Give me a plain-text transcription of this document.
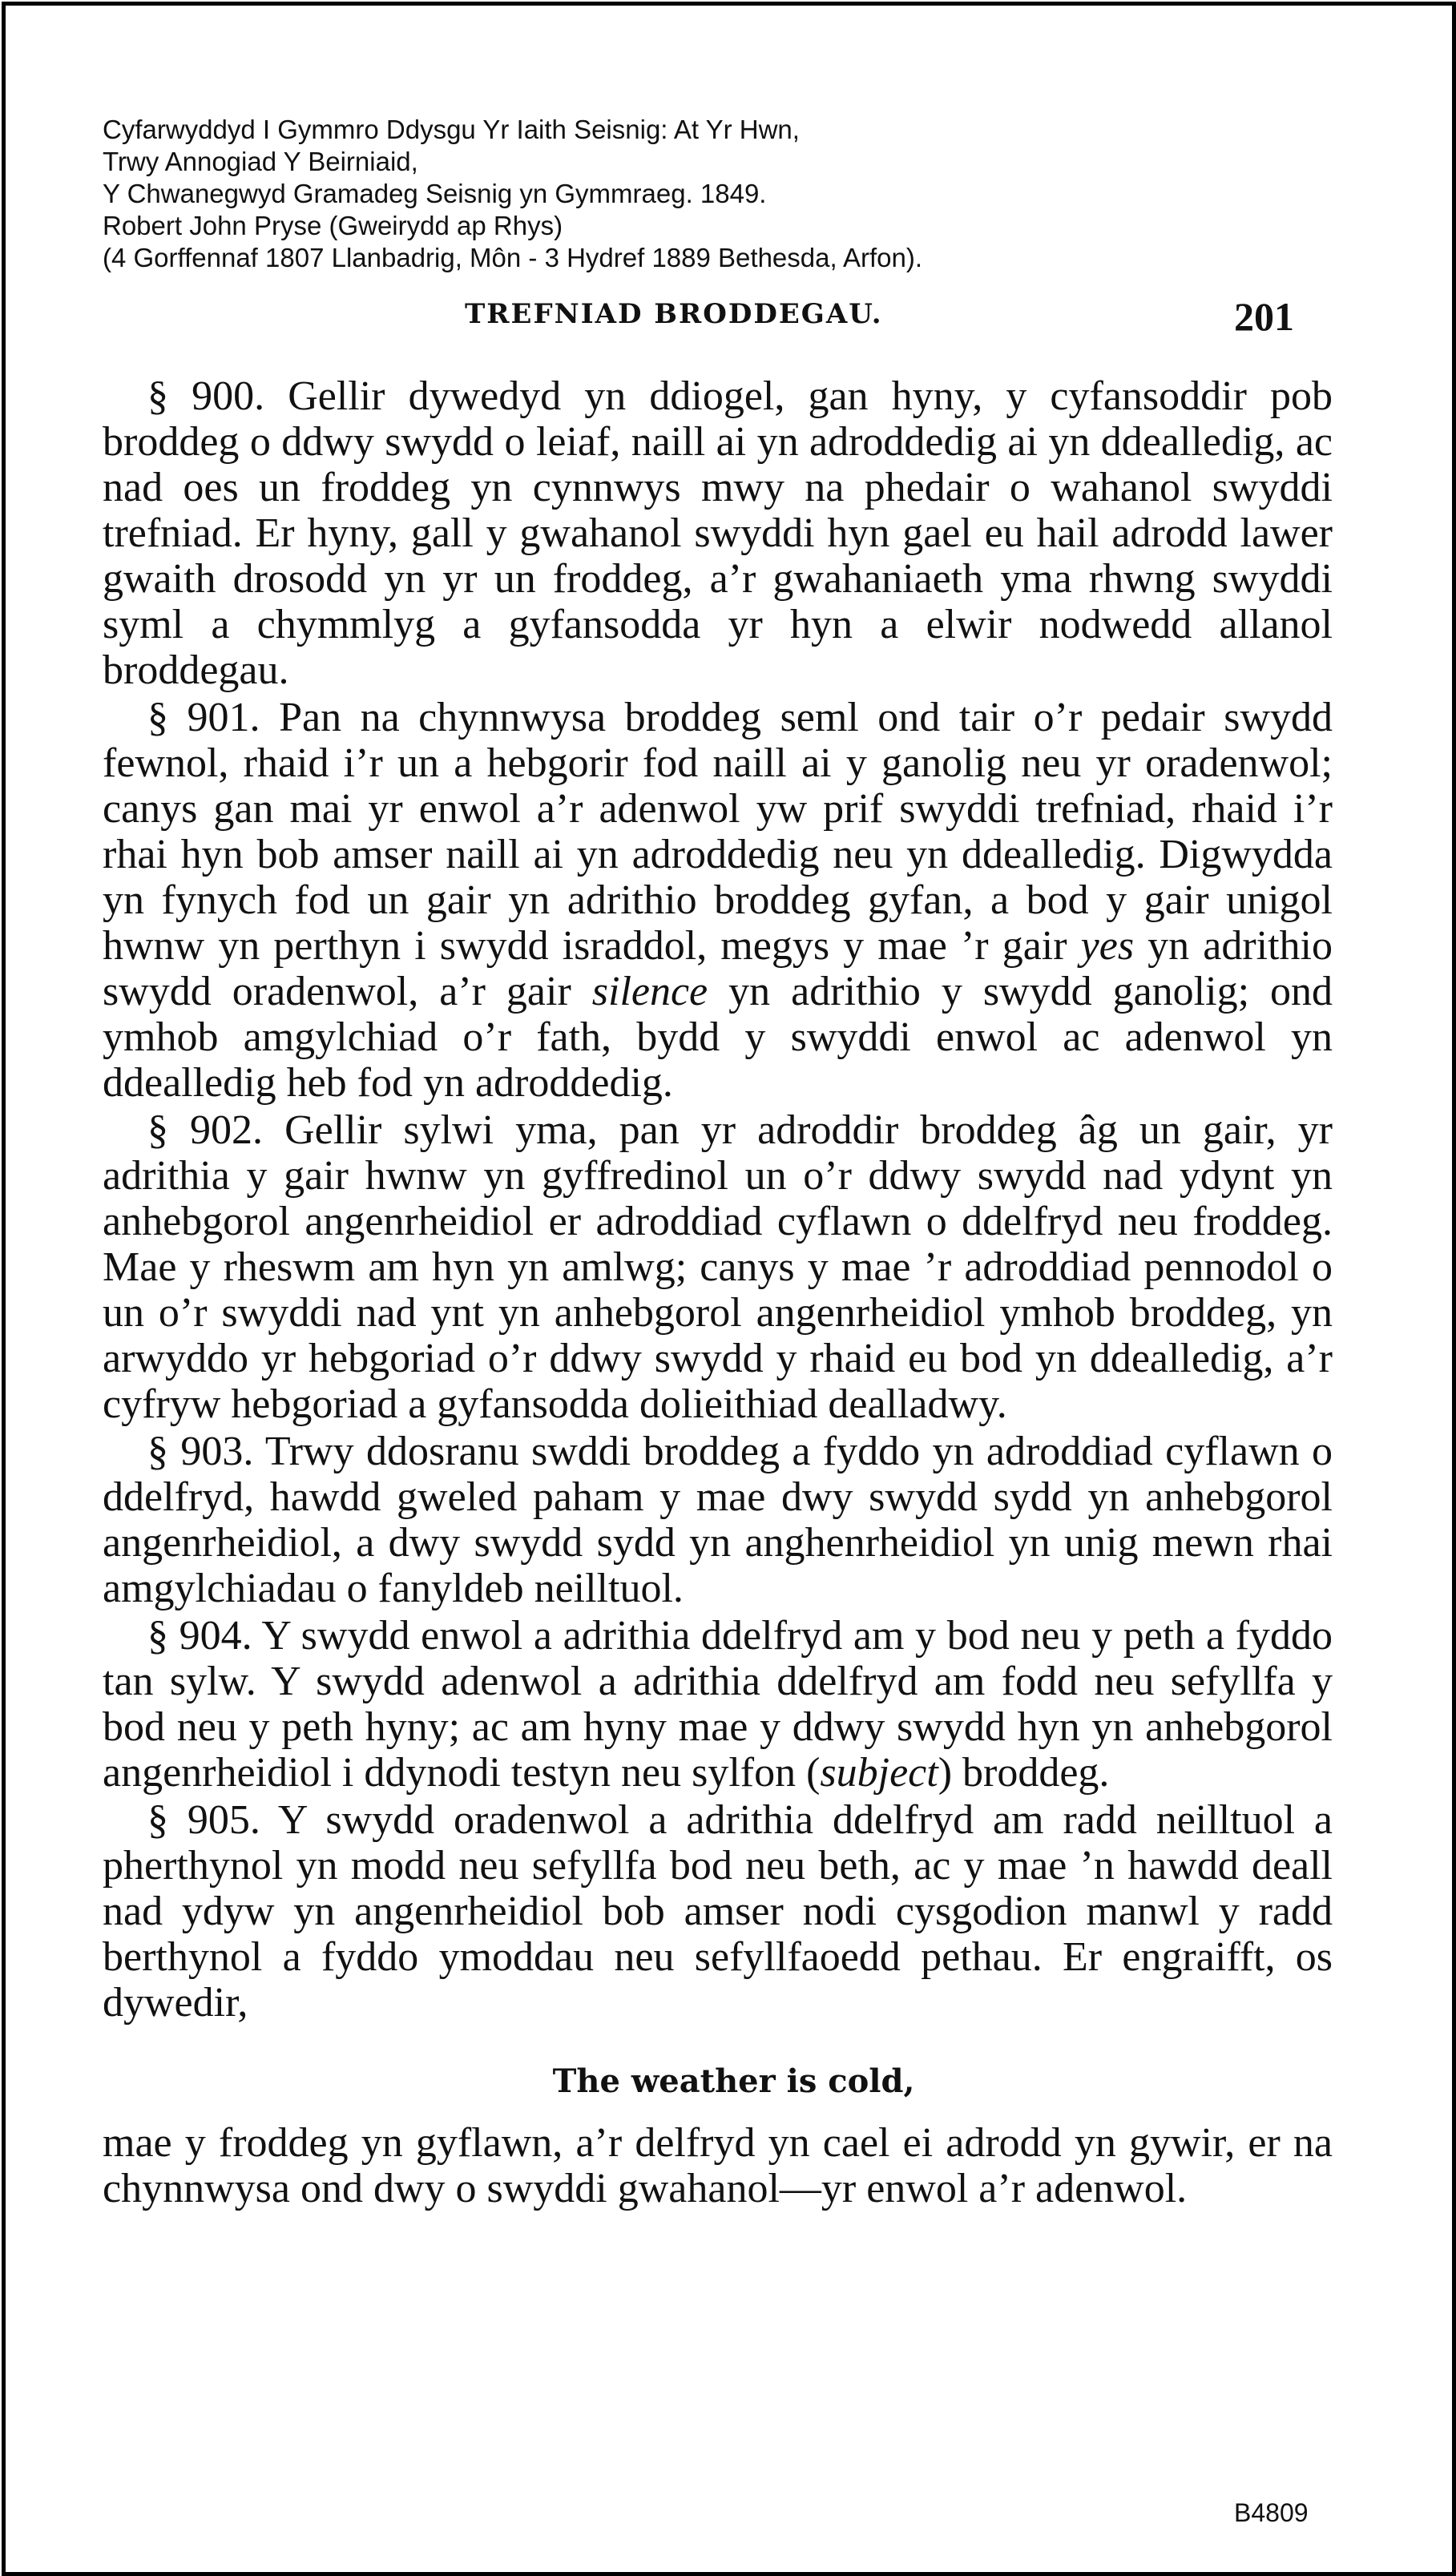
Cyfarwyddyd I Gymmro Ddysgu Yr Iaith Seisnig: At Yr Hwn,
Trwy Annogiad Y Beirniaid,
Y Chwanegwyd Gramadeg Seisnig yn Gymmraeg. 1849.
Robert John Pryse (Gweirydd ap Rhys)
(4 Gorffennaf 1807 Llanbadrig, Môn - 3 Hydref 1889 Bethesda, Arfon).
TREFNIAD BRODDEGAU.	201

§ 900. Gellir dywedyd yn ddiogel, gan hyny, y cyfansoddir pob broddeg o ddwy swydd o leiaf, naill ai yn adroddedig ai yn ddealledig, ac nad oes un froddeg yn cynnwys mwy na phedair o wahanol swyddi trefniad. Er hyny, gall y gwahanol swyddi hyn gael eu hail adrodd lawer gwaith drosodd yn yr un froddeg, a’r gwahaniaeth yma rhwng swyddi syml a chymmlyg a gyfansodda yr hyn a elwir nodwedd allanol broddegau.

§ 901. Pan na chynnwysa broddeg seml ond tair o’r pedair swydd fewnol, rhaid i’r un a hebgorir fod naill ai y ganolig neu yr oradenwol; canys gan mai yr enwol a’r adenwol yw prif swyddi trefniad, rhaid i’r rhai hyn bob amser naill ai yn adroddedig neu yn ddealledig. Digwydda yn fynych fod un gair yn adrithio broddeg gyfan, a bod y gair unigol hwnw yn perthyn i swydd israddol, megys y mae ’r gair yes yn adrithio swydd oradenwol, a’r gair silence yn adrithio y swydd ganolig; ond ymhob amgylchiad o’r fath, bydd y swyddi enwol ac adenwol yn ddealledig heb fod yn adroddedig.

§ 902. Gellir sylwi yma, pan yr adroddir broddeg âg un gair, yr adrithia y gair hwnw yn gyffredinol un o’r ddwy swydd nad ydynt yn anhebgorol angenrheidiol er adroddiad cyflawn o ddelfryd neu froddeg. Mae y rheswm am hyn yn amlwg; canys y mae ’r adroddiad pennodol o un o’r swyddi nad ynt yn anhebgorol angenrheidiol ymhob broddeg, yn arwyddo yr hebgoriad o’r ddwy swydd y rhaid eu bod yn ddealledig, a’r cyfryw hebgoriad a gyfansodda dolieithiad dealladwy.

§ 903. Trwy ddosranu swddi broddeg a fyddo yn adroddiad cyflawn o ddelfryd, hawdd gweled paham y mae dwy swydd sydd yn anhebgorol angenrheidiol, a dwy swydd sydd yn anghenrheidiol yn unig mewn rhai amgylchiadau o fanyldeb neilltuol.

§ 904. Y swydd enwol a adrithia ddelfryd am y bod neu y peth a fyddo tan sylw. Y swydd adenwol a adrithia ddelfryd am fodd neu sefyllfa y bod neu y peth hyny; ac am hyny mae y ddwy swydd hyn yn anhebgorol angenrheidiol i ddynodi testyn neu sylfon (subject) broddeg.

§ 905. Y swydd oradenwol a adrithia ddelfryd am radd neilltuol a pherthynol yn modd neu sefyllfa bod neu beth, ac y mae ’n hawdd deall nad ydyw yn angenrheidiol bob amser nodi cysgodion manwl y radd berthynol a fyddo ymoddau neu sefyllfaoedd pethau. Er engraifft, os dywedir,

The weather is cold,

mae y froddeg yn gyflawn, a’r delfryd yn cael ei adrodd yn gywir, er na chynnwysa ond dwy o swyddi gwahanol—yr enwol a’r adenwol.

B4809
